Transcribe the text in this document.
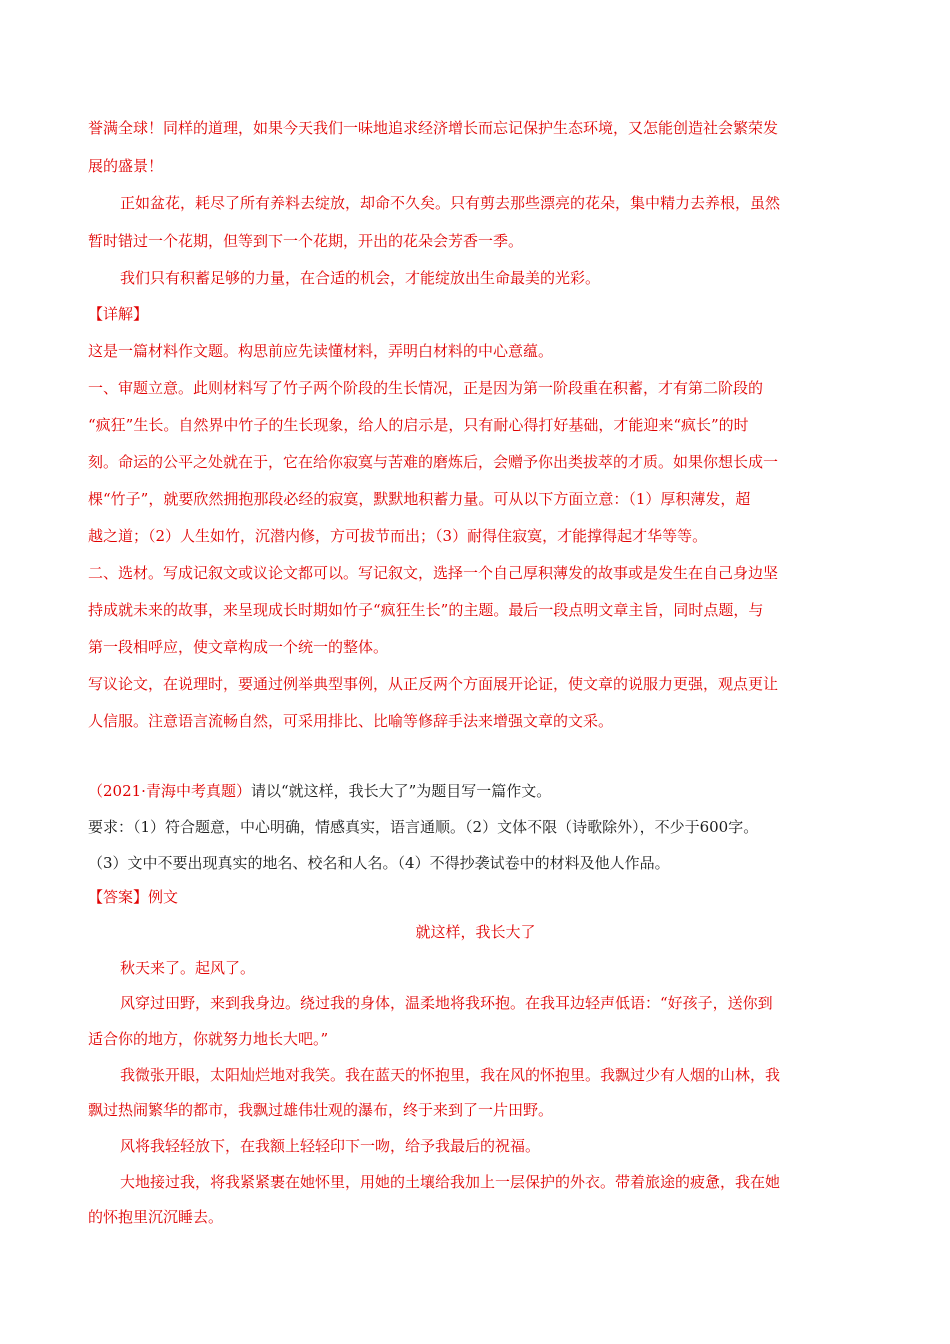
誉满全球！同样的道理，如果今天我们一味地追求经济增长而忘记保护生态环境，又怎能创造社会繁荣发
展的盛景！
正如盆花，耗尽了所有养料去绽放，却命不久矣。只有剪去那些漂亮的花朵，集中精力去养根，虽然
暂时错过一个花期，但等到下一个花期，开出的花朵会芳香一季。
我们只有积蓄足够的力量，在合适的机会，才能绽放出生命最美的光彩。
【详解】
这是一篇材料作文题。构思前应先读懂材料，弄明白材料的中心意蕴。
一、审题立意。此则材料写了竹子两个阶段的生长情况，正是因为第一阶段重在积蓄，才有第二阶段的
“疯狂”生长。自然界中竹子的生长现象，给人的启示是，只有耐心得打好基础，才能迎来“疯长”的时
刻。命运的公平之处就在于，它在给你寂寞与苦难的磨炼后，会赠予你出类拔萃的才质。如果你想长成一
棵“竹子”，就要欣然拥抱那段必经的寂寞，默默地积蓄力量。可从以下方面立意：（1）厚积薄发，超
越之道；（2）人生如竹，沉潜内修，方可拔节而出；（3）耐得住寂寞，才能撑得起才华等等。
二、选材。写成记叙文或议论文都可以。写记叙文，选择一个自己厚积薄发的故事或是发生在自己身边坚
持成就未来的故事，来呈现成长时期如竹子“疯狂生长”的主题。最后一段点明文章主旨，同时点题，与
第一段相呼应，使文章构成一个统一的整体。
写议论文，在说理时，要通过例举典型事例，从正反两个方面展开论证，使文章的说服力更强，观点更让
人信服。注意语言流畅自然，可采用排比、比喻等修辞手法来增强文章的文采。
（2021·青海中考真题）请以“就这样，我长大了”为题目写一篇作文。
要求：（1）符合题意，中心明确，情感真实，语言通顺。（2）文体不限（诗歌除外），不少于600字。
（3）文中不要出现真实的地名、校名和人名。（4）不得抄袭试卷中的材料及他人作品。
【答案】例文
就这样，我长大了
秋天来了。起风了。
风穿过田野，来到我身边。绕过我的身体，温柔地将我环抱。在我耳边轻声低语：“好孩子，送你到
适合你的地方，你就努力地长大吧。”
我微张开眼，太阳灿烂地对我笑。我在蓝天的怀抱里，我在风的怀抱里。我飘过少有人烟的山林，我
飘过热闹繁华的都市，我飘过雄伟壮观的瀑布，终于来到了一片田野。
风将我轻轻放下，在我额上轻轻印下一吻，给予我最后的祝福。
大地接过我，将我紧紧裹在她怀里，用她的土壤给我加上一层保护的外衣。带着旅途的疲惫，我在她
的怀抱里沉沉睡去。
